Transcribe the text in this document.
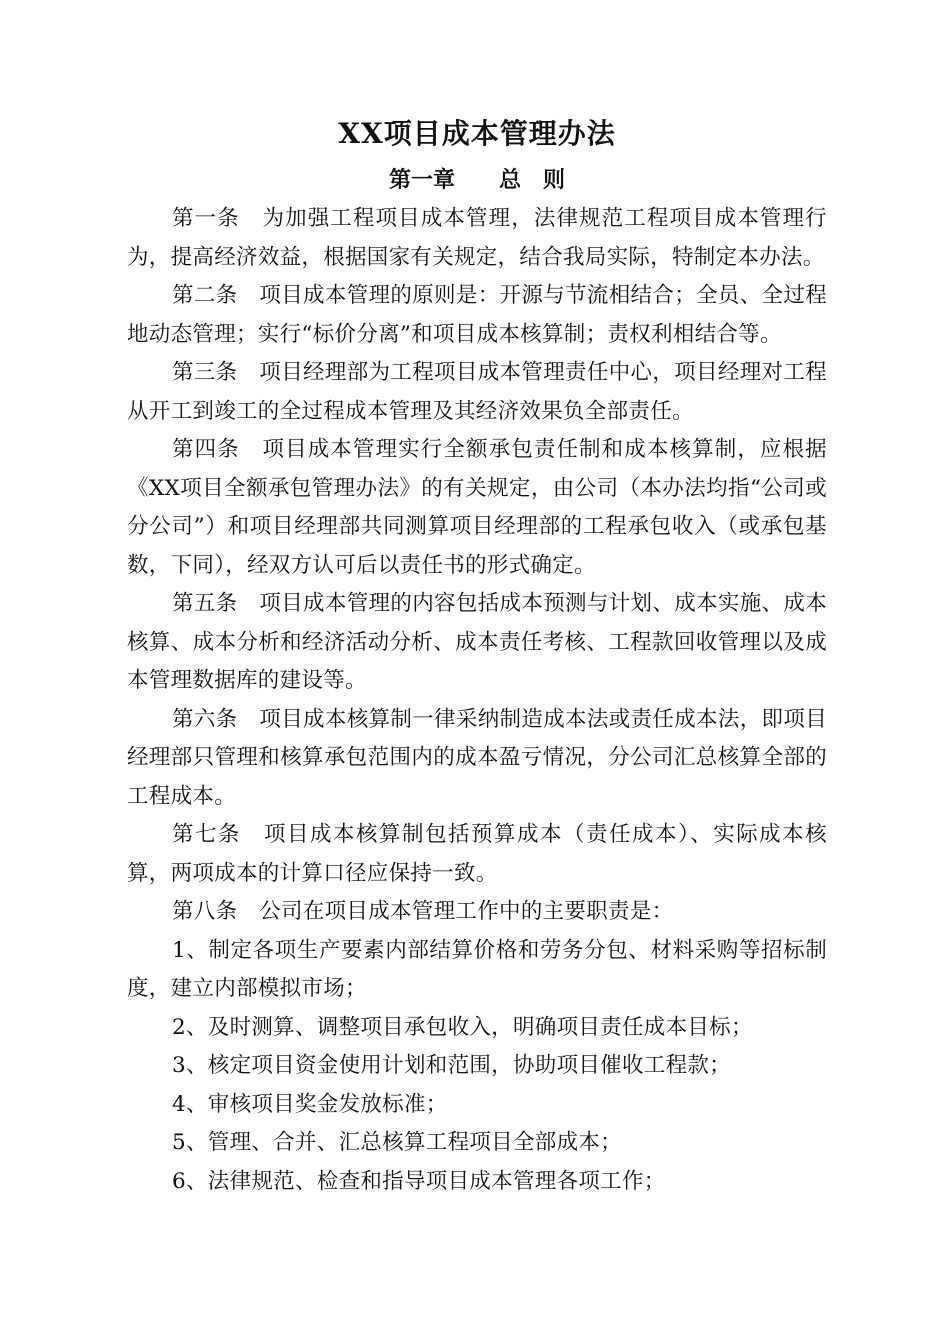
XX项目成本管理办法
第一章　　总　则

第一条　 为加强工程项目成本管理，法律规范工程项目成本管理行为，提高经济效益，根据国家有关规定，结合我局实际，特制定本办法。

第二条　 项目成本管理的原则是：开源与节流相结合；全员、全过程地动态管理；实行“标价分离”和项目成本核算制；责权利相结合等。

第三条　 项目经理部为工程项目成本管理责任中心，项目经理对工程从开工到竣工的全过程成本管理及其经济效果负全部责任。

第四条　 项目成本管理实行全额承包责任制和成本核算制，应根据《XX项目全额承包管理办法》的有关规定，由公司（本办法均指“公司或分公司”）和项目经理部共同测算项目经理部的工程承包收入（或承包基数，下同），经双方认可后以责任书的形式确定。

第五条　 项目成本管理的内容包括成本预测与计划、成本实施、成本核算、成本分析和经济活动分析、成本责任考核、工程款回收管理以及成本管理数据库的建设等。

第六条　 项目成本核算制一律采纳制造成本法或责任成本法，即项目经理部只管理和核算承包范围内的成本盈亏情况，分公司汇总核算全部的工程成本。

第七条　 项目成本核算制包括预算成本（责任成本）、实际成本核算，两项成本的计算口径应保持一致。

第八条　 公司在项目成本管理工作中的主要职责是：

1、制定各项生产要素内部结算价格和劳务分包、材料采购等招标制度，建立内部模拟市场；

2、及时测算、调整项目承包收入，明确项目责任成本目标；

3、核定项目资金使用计划和范围，协助项目催收工程款；

4、审核项目奖金发放标准；

5、管理、合并、汇总核算工程项目全部成本；

6、法律规范、检查和指导项目成本管理各项工作；
